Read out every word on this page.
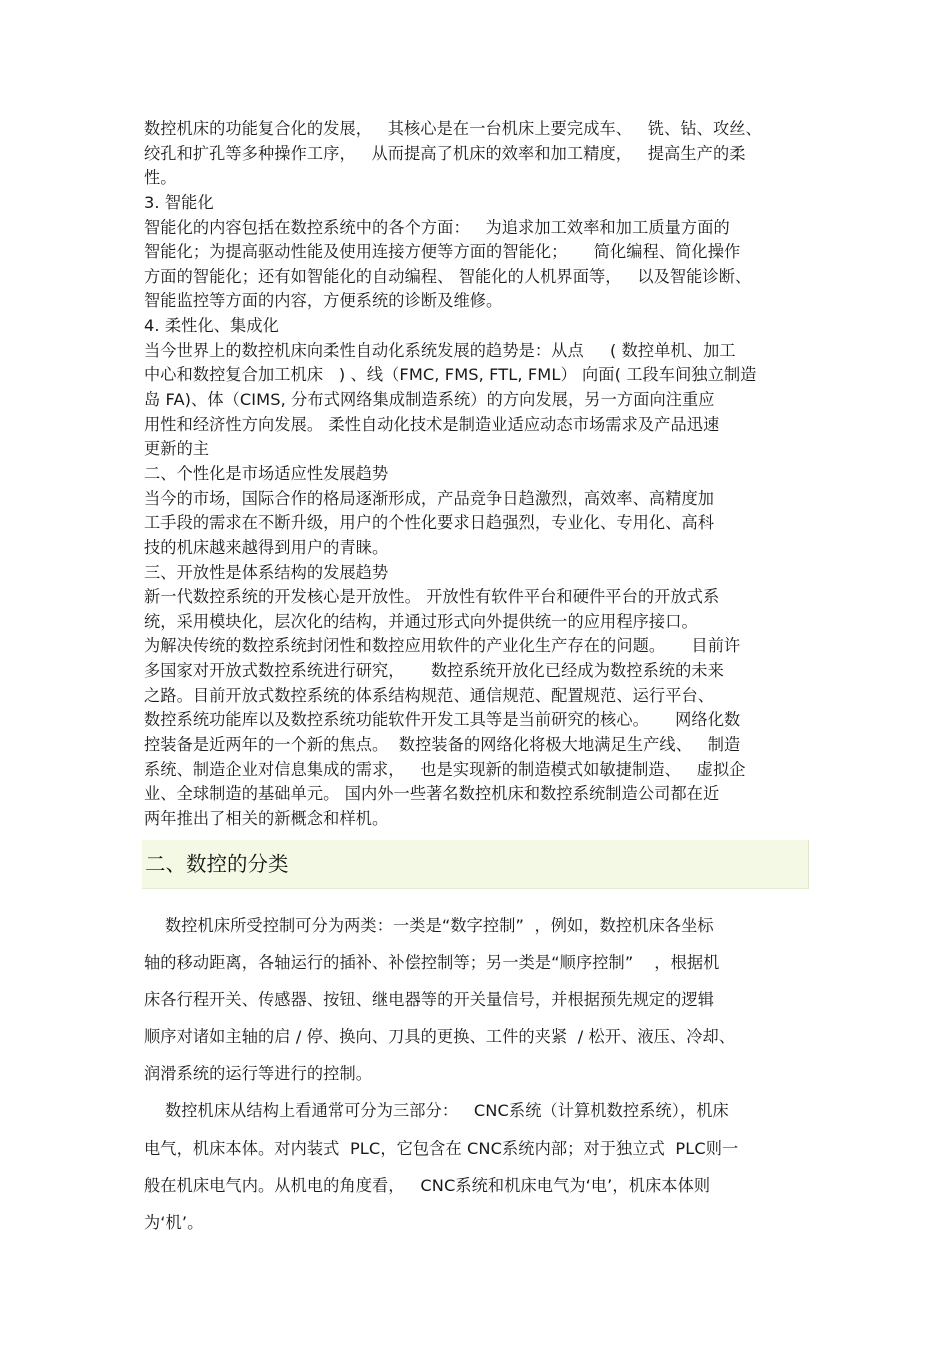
数控机床的功能复合化的发展，   其核心是在一台机床上要完成车、   铣、钻、攻丝、
绞孔和扩孔等多种操作工序，   从而提高了机床的效率和加工精度，   提高生产的柔
性。
3. 智能化
智能化的内容包括在数控系统中的各个方面：   为追求加工效率和加工质量方面的
智能化；为提高驱动性能及使用连接方便等方面的智能化；     简化编程、简化操作
方面的智能化；还有如智能化的自动编程、 智能化的人机界面等，   以及智能诊断、
智能监控等方面的内容，方便系统的诊断及维修。
4. 柔性化、集成化
当今世界上的数控机床向柔性自动化系统发展的趋势是：从点     ( 数控单机、加工
中心和数控复合加工机床   ) 、线（FMC, FMS, FTL, FML） 向面( 工段车间独立制造
岛 FA)、体（CIMS, 分布式网络集成制造系统）的方向发展，另一方面向注重应
用性和经济性方向发展。 柔性自动化技术是制造业适应动态市场需求及产品迅速
更新的主
二、个性化是市场适应性发展趋势
当今的市场，国际合作的格局逐渐形成，产品竞争日趋激烈，高效率、高精度加
工手段的需求在不断升级，用户的个性化要求日趋强烈，专业化、专用化、高科
技的机床越来越得到用户的青睐。
三、开放性是体系结构的发展趋势
新一代数控系统的开发核心是开放性。 开放性有软件平台和硬件平台的开放式系
统，采用模块化，层次化的结构，并通过形式向外提供统一的应用程序接口。
为解决传统的数控系统封闭性和数控应用软件的产业化生产存在的问题。     目前许
多国家对开放式数控系统进行研究，     数控系统开放化已经成为数控系统的未来
之路。目前开放式数控系统的体系结构规范、通信规范、配置规范、运行平台、
数控系统功能库以及数控系统功能软件开发工具等是当前研究的核心。     网络化数
控装备是近两年的一个新的焦点。  数控装备的网络化将极大地满足生产线、   制造
系统、制造企业对信息集成的需求，   也是实现新的制造模式如敏捷制造、   虚拟企
业、全球制造的基础单元。 国内外一些著名数控机床和数控系统制造公司都在近
两年推出了相关的新概念和样机。
二、数控的分类
数控机床所受控制可分为两类：一类是“数字控制”  ，例如，数控机床各坐标
轴的移动距离，各轴运行的插补、补偿控制等；另一类是“顺序控制”    ，根据机
床各行程开关、传感器、按钮、继电器等的开关量信号，并根据预先规定的逻辑
顺序对诸如主轴的启 / 停、换向、刀具的更换、工件的夹紧  / 松开、液压、冷却、
润滑系统的运行等进行的控制。
数控机床从结构上看通常可分为三部分：   CNC系统（计算机数控系统），机床
电气，机床本体。对内装式  PLC，它包含在 CNC系统内部；对于独立式  PLC则一
般在机床电气内。从机电的角度看，   CNC系统和机床电气为‘电’，机床本体则
为‘机’。
